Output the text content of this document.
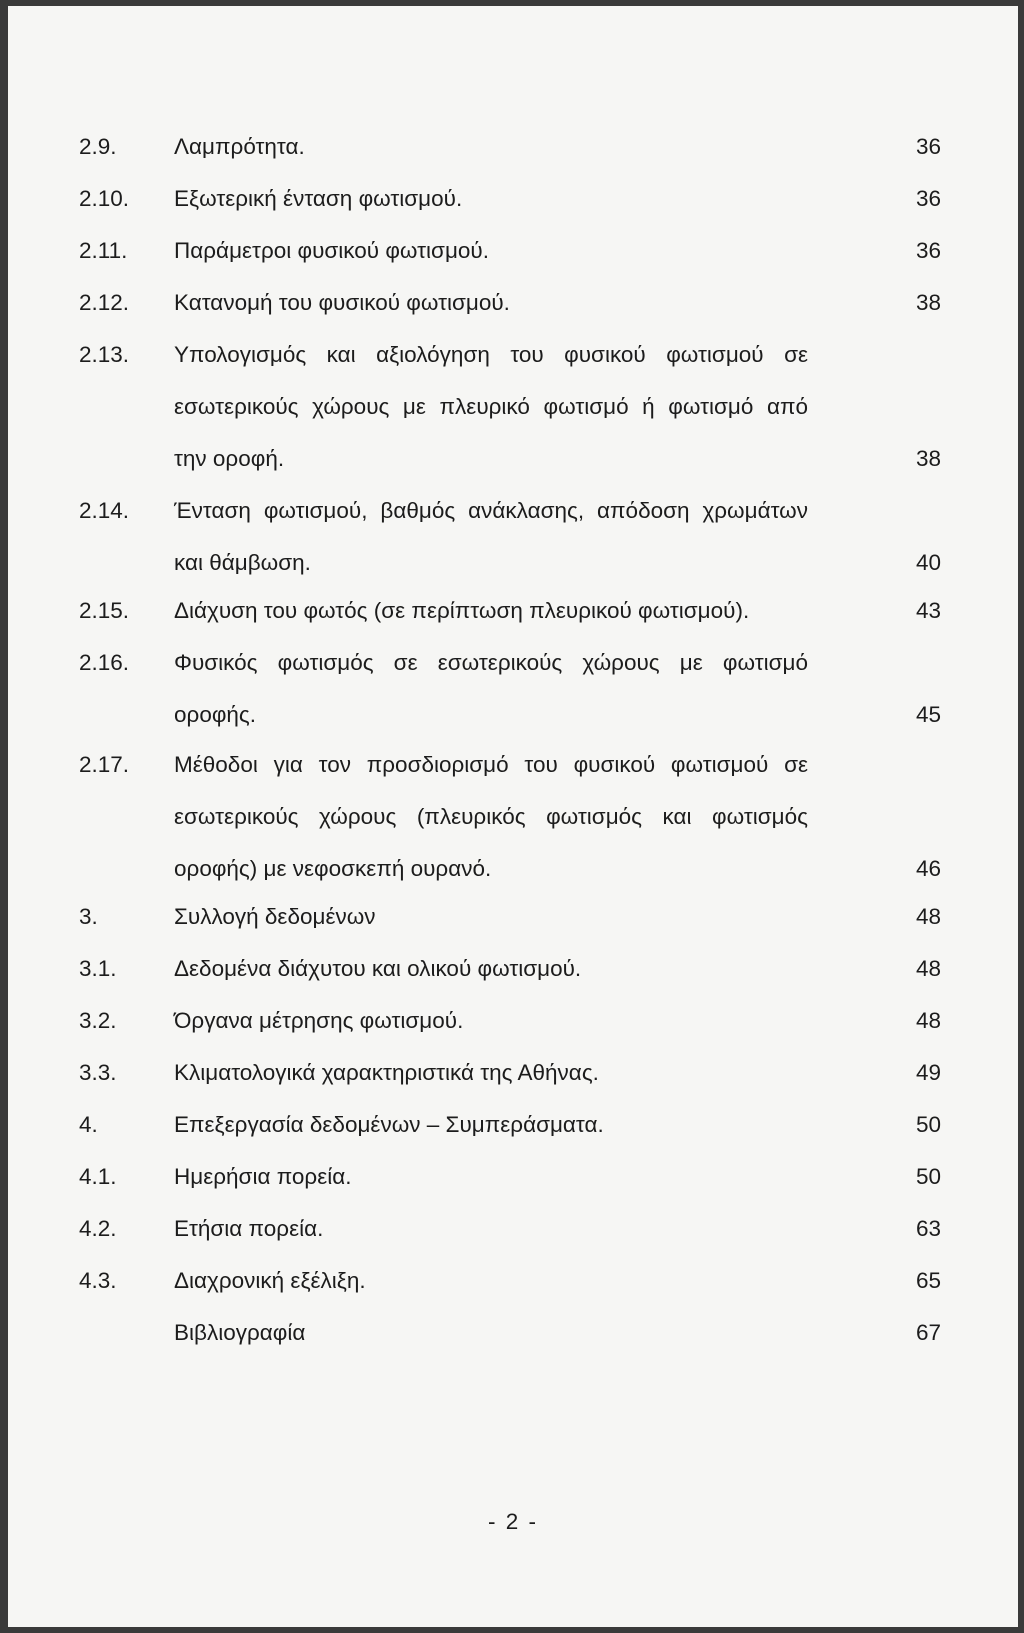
2.9.	Λαμπρότητα.	36
2.10. Εξωτερική ένταση φωτισμού.	36
2.11. Παράμετροι φυσικού φωτισμού.	36
2.12. Κατανομή του φυσικού φωτισμού.	38
2.13. Υπολογισμός και αξιολόγηση του φυσικού φωτισμού σε
εσωτερικούς χώρους με πλευρικό φωτισμό ή φωτισμό από
την οροφή.	38
2.14. Ένταση φωτισμού, βαθμός ανάκλασης, απόδοση χρωμάτων
και θάμβωση.	40
2.15. Διάχυση του φωτός (σε περίπτωση πλευρικού φωτισμού).	43
2.16. Φυσικός φωτισμός σε εσωτερικούς χώρους με φωτισμό
οροφής.	45
2.17. Μέθοδοι για τον προσδιορισμό του φυσικού φωτισμού σε
εσωτερικούς χώρους (πλευρικός φωτισμός και φωτισμός
οροφής) με νεφοσκεπή ουρανό.	46
3.	Συλλογή δεδομένων	48
3.1.	Δεδομένα διάχυτου και ολικού φωτισμού.	48
3.2.	Όργανα μέτρησης φωτισμού.	48
3.3.	Κλιματολογικά χαρακτηριστικά της Αθήνας.	49
4.	Επεξεργασία δεδομένων – Συμπεράσματα.	50
4.1.	Ημερήσια πορεία.	50
4.2.	Ετήσια πορεία.	63
4.3.	Διαχρονική εξέλιξη.	65
Βιβλιογραφία	67
- 2 -
